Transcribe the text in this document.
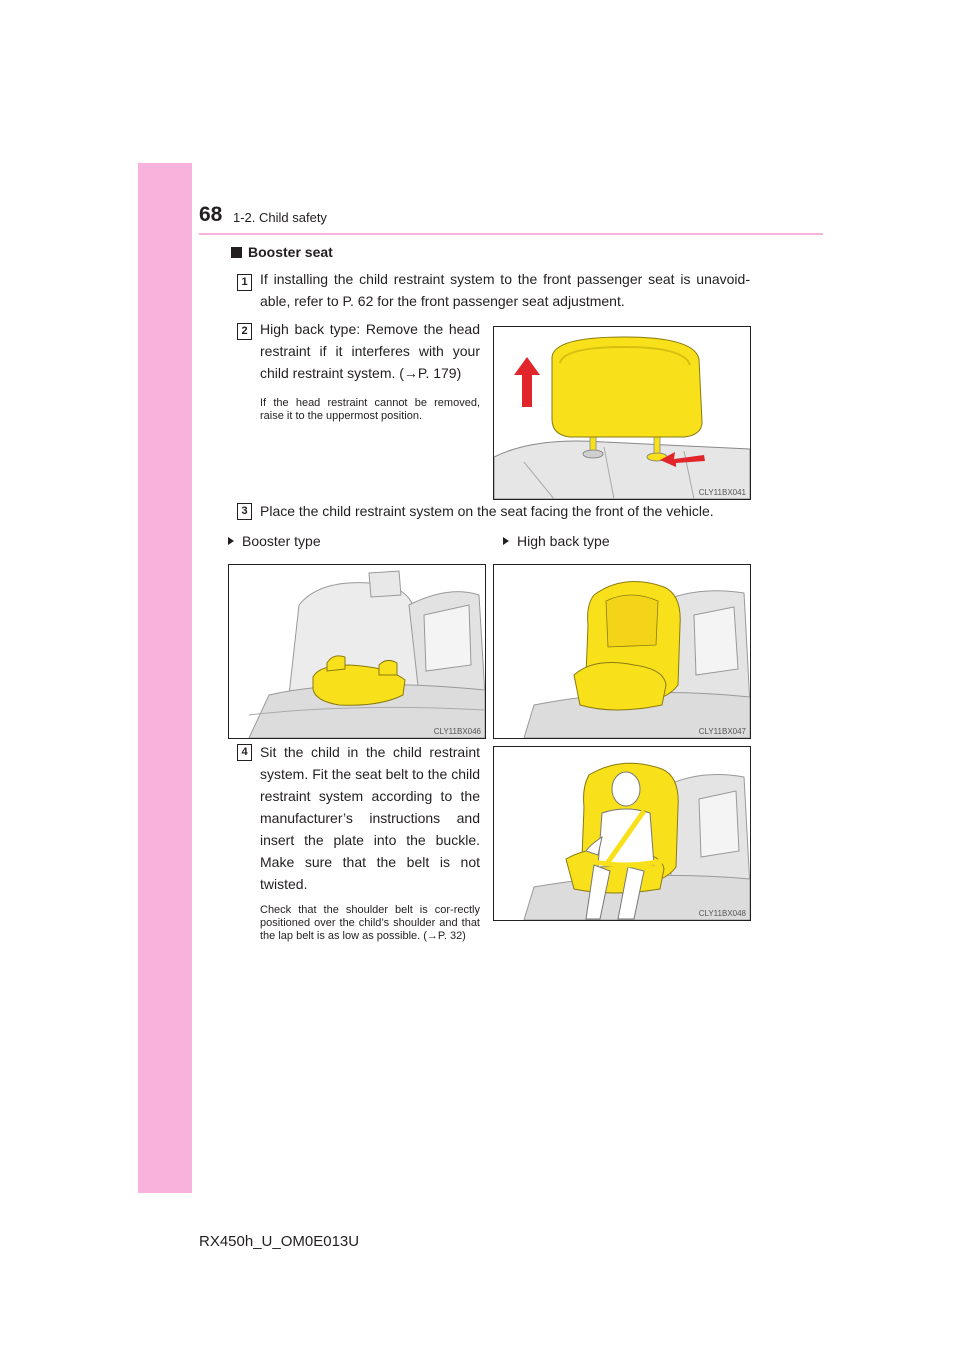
68 1-2. Child safety
Booster seat
1 If installing the child restraint system to the front passenger seat is unavoid-able, refer to P. 62 for the front passenger seat adjustment.
2 High back type: Remove the head restraint if it interferes with your child restraint system. (→P. 179)
If the head restraint cannot be removed, raise it to the uppermost position.
CLY11BX041
3 Place the child restraint system on the seat facing the front of the vehicle.
Booster type	High back type
CLY11BX046	CLY11BX047
4 Sit the child in the child restraint system. Fit the seat belt to the child restraint system according to the manufacturer’s instructions and insert the plate into the buckle. Make sure that the belt is not twisted.
Check that the shoulder belt is cor-rectly positioned over the child’s shoulder and that the lap belt is as low as possible. (→P. 32)
CLY11BX048
RX450h_U_OM0E013U
